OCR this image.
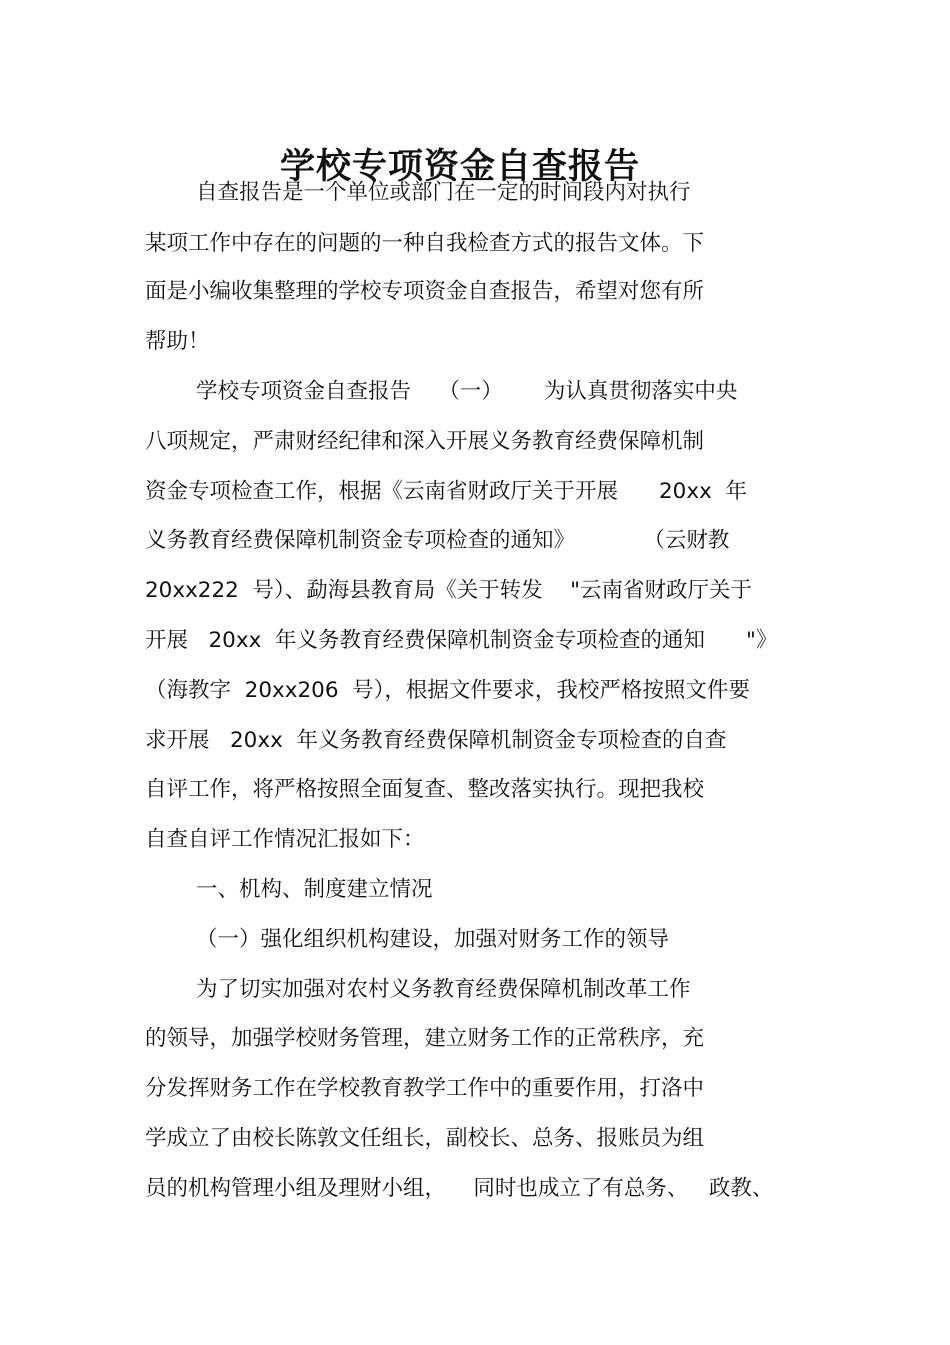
学校专项资金自查报告

自查报告是一个单位或部门在一定的时间段内对执行

某项工作中存在的问题的一种自我检查方式的报告文体。下

面是小编收集整理的学校专项资金自查报告，希望对您有所

帮助！

学校专项资金自查报告    （一）      为认真贯彻落实中央

八项规定，严肃财经纪律和深入开展义务教育经费保障机制

资金专项检查工作，根据《云南省财政厅关于开展      20xx  年

义务教育经费保障机制资金专项检查的通知》          （云财教

20xx222  号）、勐海县教育局《关于转发    "云南省财政厅关于

开展   20xx  年义务教育经费保障机制资金专项检查的通知      "》

（海教字  20xx206  号），根据文件要求，我校严格按照文件要

求开展   20xx  年义务教育经费保障机制资金专项检查的自查

自评工作，将严格按照全面复查、整改落实执行。现把我校

自查自评工作情况汇报如下：

一、机构、制度建立情况

（一）强化组织机构建设，加强对财务工作的领导

为了切实加强对农村义务教育经费保障机制改革工作

的领导，加强学校财务管理，建立财务工作的正常秩序，充

分发挥财务工作在学校教育教学工作中的重要作用，打洛中

学成立了由校长陈敦文任组长，副校长、总务、报账员为组

员的机构管理小组及理财小组，    同时也成立了有总务、   政教、
